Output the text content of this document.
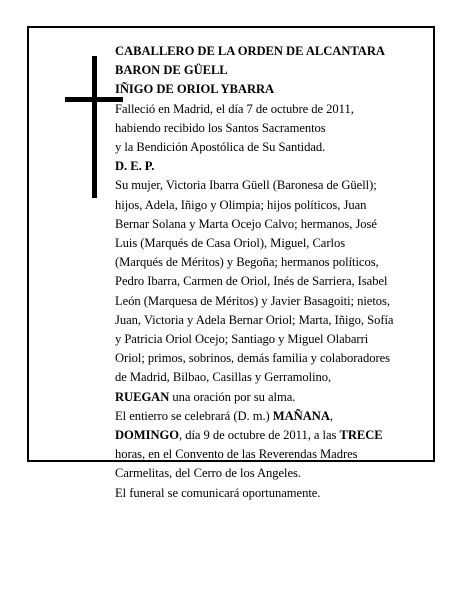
CABALLERO DE LA ORDEN DE ALCANTARA
BARON DE GÜELL
IÑIGO DE ORIOL YBARRA
Falleció en Madrid, el día 7 de octubre de 2011,
habiendo recibido los Santos Sacramentos
y la Bendición Apostólica de Su Santidad.
D. E. P.
Su mujer, Victoria Ibarra Güell (Baronesa de Güell);
hijos, Adela, Iñigo y Olimpia; hijos políticos, Juan
Bernar Solana y Marta Ocejo Calvo; hermanos, José
Luis (Marqués de Casa Oriol), Miguel, Carlos
(Marqués de Méritos) y Begoña; hermanos políticos,
Pedro Ibarra, Carmen de Oriol, Inés de Sarriera, Isabel
León (Marquesa de Méritos) y Javier Basagoiti; nietos,
Juan, Victoria y Adela Bernar Oriol; Marta, Iñigo, Sofía
y Patricia Oriol Ocejo; Santiago y Miguel Olabarri
Oriol; primos, sobrinos, demás familia y colaboradores
de Madrid, Bilbao, Casillas y Gerramolino,
RUEGAN una oración por su alma.
El entierro se celebrará (D. m.) MAÑANA,
DOMINGO, día 9 de octubre de 2011, a las TRECE
horas, en el Convento de las Reverendas Madres
Carmelitas, del Cerro de los Angeles.
El funeral se comunicará oportunamente.
